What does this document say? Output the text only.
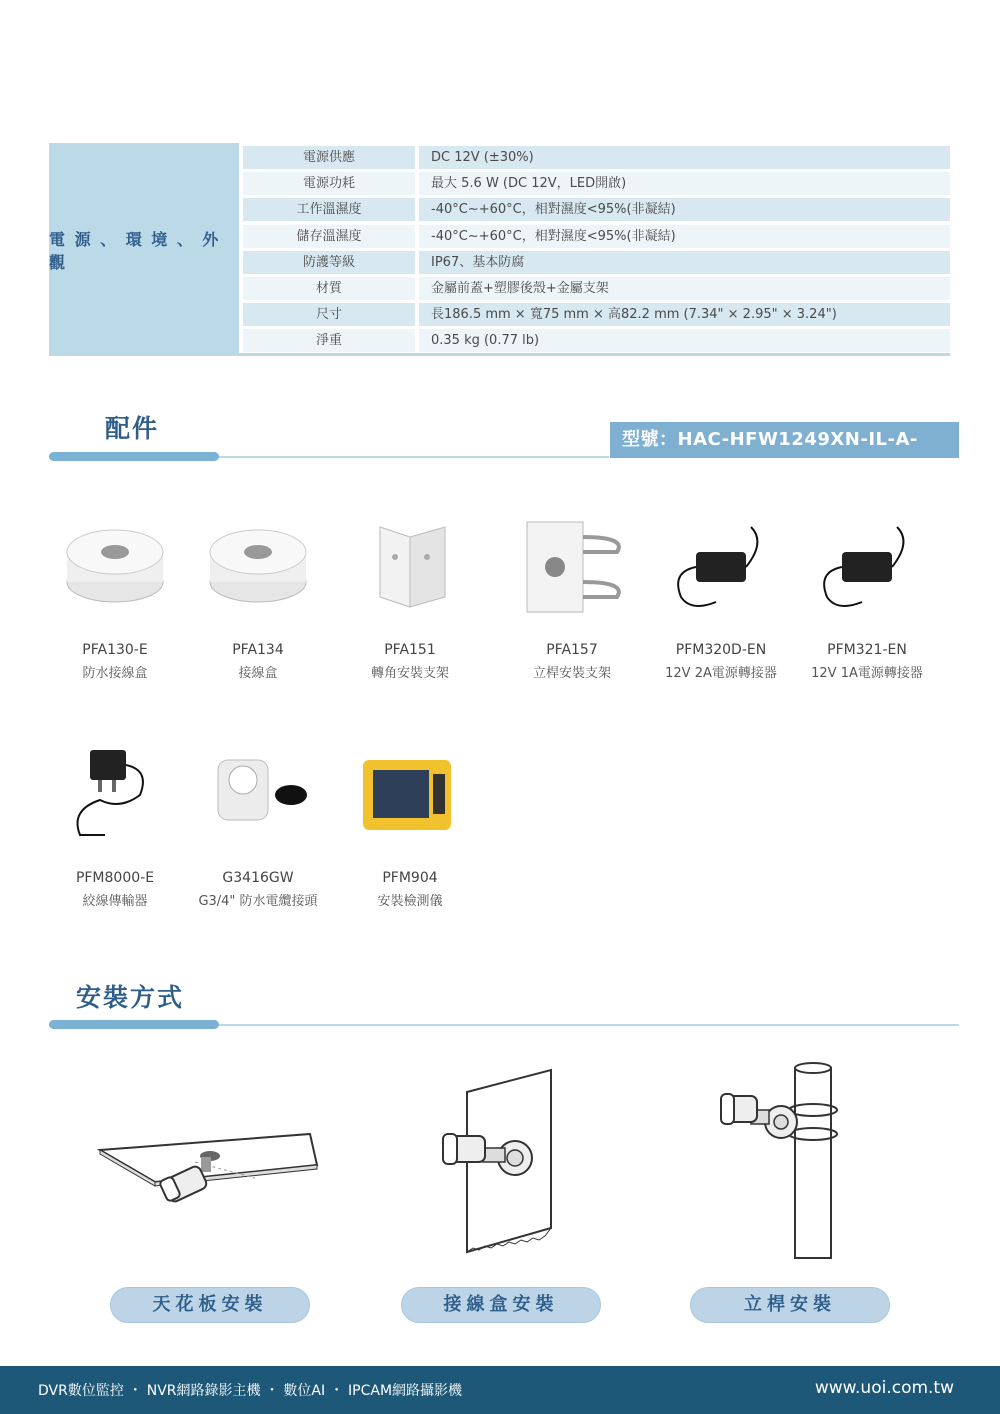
電 源 、 環 境 、 外 觀
電源供應	DC 12V (±30%)
電源功耗	最大 5.6 W (DC 12V，LED開啟)
工作溫濕度	-40°C~+60°C，相對濕度<95%(非凝結)
儲存溫濕度	-40°C~+60°C，相對濕度<95%(非凝結)
防護等級	IP67、基本防腐
材質	金屬前蓋+塑膠後殼+金屬支架
尺寸	長186.5 mm × 寬75 mm × 高82.2 mm (7.34" × 2.95" × 3.24")
淨重	0.35 kg (0.77 lb)
配件	型號：HAC-HFW1249XN-IL-A-PRO
PFA130-E
防水接線盒
PFA134
接線盒
PFA151
轉角安裝支架
PFA157
立桿安裝支架
PFM320D-EN
12V 2A電源轉接器
PFM321-EN
12V 1A電源轉接器
PFM8000-E
絞線傳輸器
G3416GW
G3/4" 防水電纜接頭
PFM904
安裝檢測儀
安裝方式
天花板安裝	接線盒安裝	立桿安裝
DVR數位監控 ・ NVR網路錄影主機 ・ 數位AI ・ IPCAM網路攝影機	www.uoi.com.tw
